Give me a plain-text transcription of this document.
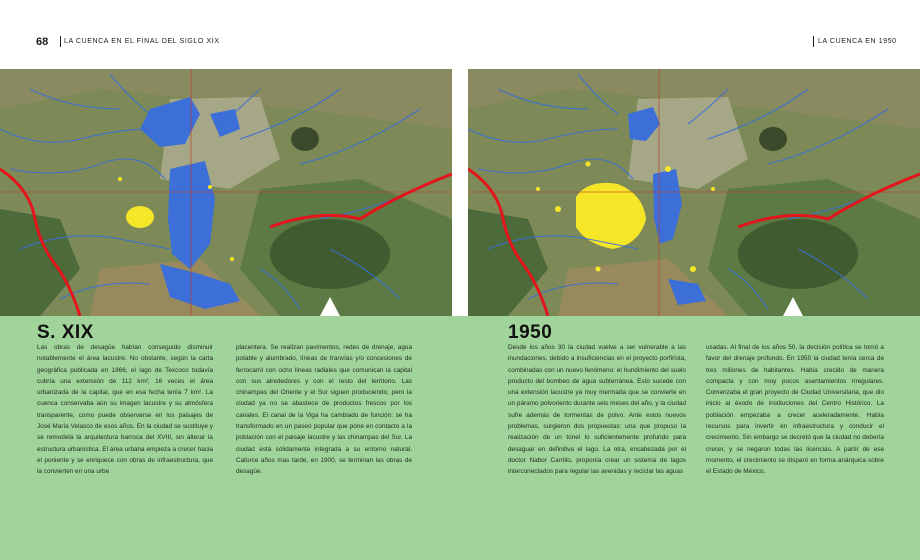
68 LA CUENCA EN EL FINAL DEL SIGLO XIX	LA CUENCA EN 1950
S. XIX
Las obras de desagüe habían conseguido disminuir notablemente el área lacustre. No obstante, según la carta geográfica publicada en 1866, el lago de Texcoco todavía cubría una extensión de 112 km²; 16 veces el área urbanizada de la capital, que en esa fecha tenía 7 km². La cuenca conservaba aún su imagen lacustre y su atmósfera transparente, como puede observarse en los paisajes de José María Velasco de esos años. En la ciudad se sustituye y se remodela la arquitectura barroca del XVIII, sin alterar la estructura urbanística. El área urbana empieza a crecer hacia el poniente y se enriquece con obras de infraestructura, que la convierten en una urbe
placentera. Se realizan pavimentos, redes de drenaje, agua potable y alumbrado, líneas de tranvías y/o concesiones de ferrocarril con ocho líneas radiales que comunican la capital con sus alrededores y con el resto del territorio. Las chinampas del Oriente y el Sur siguen produciendo, pero la ciudad ya no se abastece de productos frescos por los canales. El canal de la Viga ha cambiado de función: se ha transformado en un paseo popular que pone en contacto a la población con el paisaje lacustre y las chinampas del Sur. La ciudad está sólidamente integrada a su entorno natural. Catorce años mas tarde, en 1900, se terminan las obras de desagüe.
1950
Desde los años 30 la ciudad vuelve a ser vulnerable a las inundaciones, debido a insuficiencias en el proyecto porfirista, combinadas con un nuevo fenómeno: el hundimiento del suelo producto del bombeo de agua subterránea. Esto sucede con una extensión lacustre ya muy mermada que se convierte en un páramo polvoriento durante seis meses del año, y la ciudad sufre además de tormentas de polvo. Ante estos nuevos problemas, surgieron dos propuestas: una que propuso la realización de un túnel lo suficientemente profundo para desaguar en definitiva el lago. La otra, encabezada por el doctor Nabor Carrillo, proponía crear un sistema de lagos interconectados para regular las avenidas y reciclar las aguas
usadas. Al final de los años 50, la decisión política se tomó a favor del drenaje profundo. En 1950 la ciudad tenía cerca de tres millones de habitantes. Había crecido de manera compacta y con muy pocos asentamientos irregulares. Comenzaba el gran proyecto de Ciudad Universitaria, que dio inicio al éxodo de instituciones del Centro Histórico. La población empezaba a crecer aceleradamente. Había recursos para invertir en infraestructura y conducir el crecimiento. Sin embargo se decretó que la ciudad no debería crecer, y se negaron todas las licencias. A partir de ese momento, el crecimiento se disparó en forma anárquica sobre el Estado de México.
